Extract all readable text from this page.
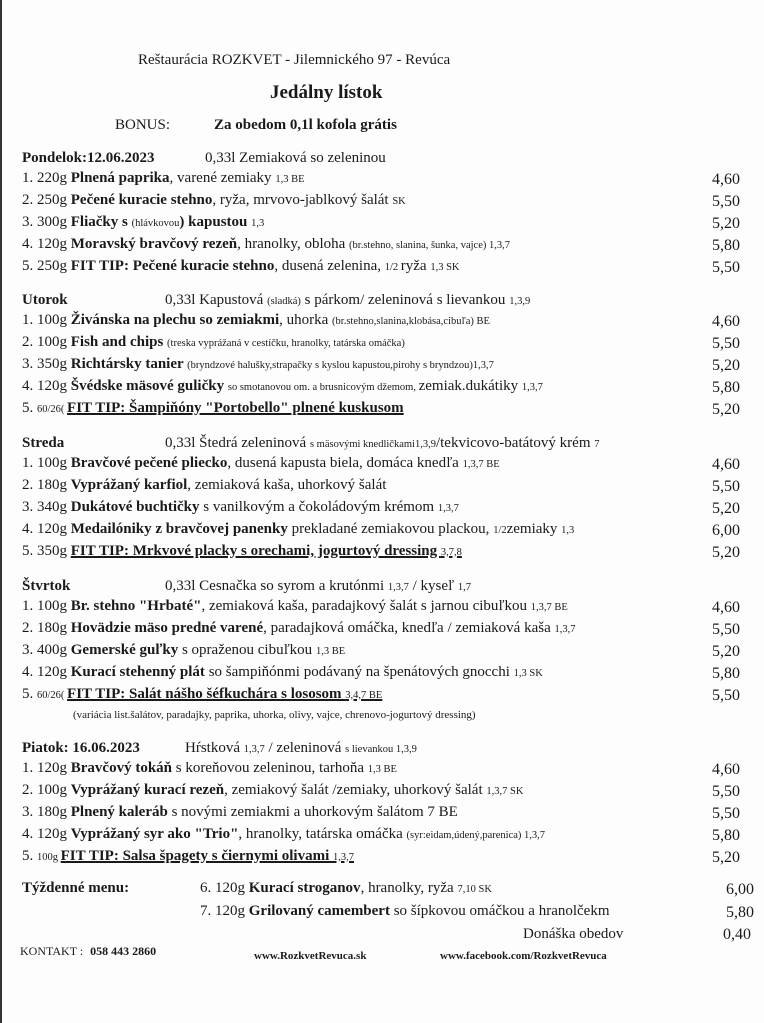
Reštaurácia ROZKVET - Jilemnického 97 - Revúca
Jedálny lístok
BONUS:	Za obedom 0,1l kofola grátis
Pondelok:12.06.2023	0,33l Zemiaková so zeleninou
1. 220g Plnená paprika, varené zemiaky 1,3 BE	4,60
2. 250g Pečené kuracie stehno, ryža, mrvovo-jablkový šalát SK	5,50
3. 300g Fliačky s (hlávkovou) kapustou 1,3	5,20
4. 120g Moravský bravčový rezeň, hranolky, obloha (br.stehno, slanina, šunka, vajce) 1,3,7	5,80
5. 250g FIT TIP: Pečené kuracie stehno, dusená zelenina, 1/2 ryža 1,3 SK	5,50
Utorok	0,33l Kapustová (sladká) s párkom/ zeleninová s lievankou 1,3,9
1. 100g Živánska na plechu so zemiakmi, uhorka (br.stehno,slanina,klobása,cibuľa) BE	4,60
2. 100g Fish and chips (treska vyprážaná v cestíčku, hranolky, tatárska omáčka)	5,50
3. 350g Richtársky tanier (bryndzové halušky,strapačky s kyslou kapustou,pirohy s bryndzou)1,3,7	5,20
4. 120g Švédske mäsové guličky so smotanovou om. a brusnicovým džemom, zemiak.dukátiky 1,3,7	5,80
5. 60/26( FIT TIP: Šampiňóny "Portobello" plnené kuskusom	5,20
Streda	0,33l Štedrá zeleninová s mäsovými knedličkami1,3,9/tekvicovo-batátový krém 7
1. 100g Bravčové pečené pliecko, dusená kapusta biela, domáca knedľa 1,3,7 BE	4,60
2. 180g Vyprážaný karfiol, zemiaková kaša, uhorkový šalát	5,50
3. 340g Dukátové buchtičky s vanilkovým a čokoládovým krémom 1,3,7	5,20
4. 120g Medailóniky z bravčovej panenky prekladané zemiakovou plackou, 1/2zemiaky 1,3	6,00
5. 350g FIT TIP: Mrkvové placky s orechami, jogurtový dressing 3,7,8	5,20
Štvrtok	0,33l Cesnačka so syrom a krutónmi 1,3,7 / kyseľ 1,7
1. 100g Br. stehno "Hrbaté", zemiaková kaša, paradajkový šalát s jarnou cibuľkou 1,3,7 BE	4,60
2. 180g Hovädzie mäso predné varené, paradajková omáčka, knedľa / zemiaková kaša 1,3,7	5,50
3. 400g Gemerské guľky s opraženou cibuľkou 1,3 BE	5,20
4. 120g Kurací stehenný plát so šampiňónmi podávaný na špenátových gnocchi 1,3 SK	5,80
5. 60/26( FIT TIP: Salát nášho šéfkuchára s lososom 3,4,7 BE	5,50
(variácia list.šalátov, paradajky, paprika, uhorka, olivy, vajce, chrenovo-jogurtový dressing)
Piatok: 16.06.2023	Hŕstková 1,3,7 / zeleninová s lievankou 1,3,9
1. 120g Bravčový tokáň s koreňovou zeleninou, tarhoňa 1,3 BE	4,60
2. 100g Vyprážaný kurací rezeň, zemiakový šalát /zemiaky, uhorkový šalát 1,3,7 SK	5,50
3. 180g Plnený kaleráb s novými zemiakmi a uhorkovým šalátom 7 BE	5,50
4. 120g Vyprážaný syr ako "Trio", hranolky, tatárska omáčka (syr:eidam,údený,parenica) 1,3,7	5,80
5. 100g FIT TIP: Salsa špagety s čiernymi olivami 1,3,7	5,20
Týždenné menu:	6. 120g Kurací stroganov, hranolky, ryža 7,10 SK	6,00
7. 120g Grilovaný camembert so šípkovou omáčkou a hranolčekm	5,80
Donáška obedov	0,40
KONTAKT : 058 443 2860	www.RozkvetRevuca.sk	www.facebook.com/RozkvetRevuca
